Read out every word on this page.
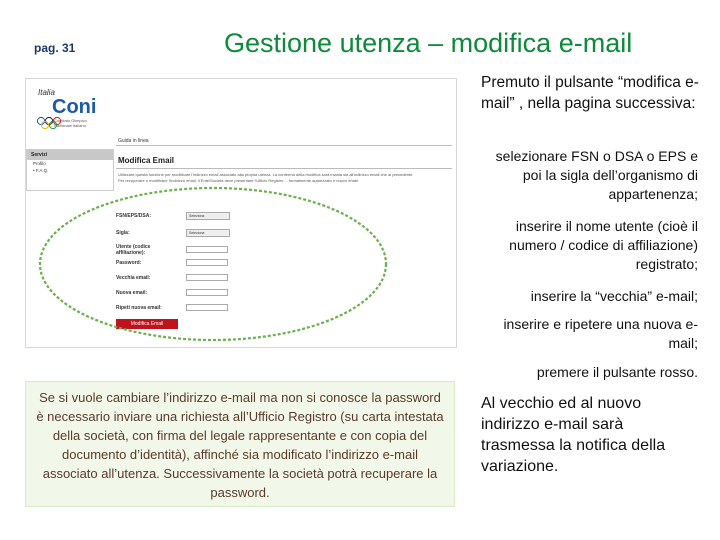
pag. 31	Gestione utenza – modifica e-mail
Italia
Coni
Comitato Olimpico Nazionale Italiano
Guida in linea
Servizi
Profilo
• F.A.Q.
Modifica Email
Utilizzare questa funzione per modificare l'indirizzo email associato alla propria utenza. La conferma della modifica sarà inviata sia all'indirizzo email che al precedente. Per recuperare o modificare l'indirizzo email, il Ente/Società deve presentare l'Ufficio Registro ... formalmente autorizzato e nuovo email.
FSN/EPS/DSA:	Seleziona
Sigla:	Seleziona
Utente (codice affiliazione):
Password:
Vecchia email:
Nuova email:
Ripeti nuova email:
Modifica Email
Premuto il pulsante “modifica e-mail” , nella pagina successiva:
selezionare FSN o DSA o EPS e poi la sigla dell’organismo di appartenenza;
inserire il nome utente (cioè il numero / codice di affiliazione) registrato;
inserire la “vecchia” e-mail;
inserire e ripetere una nuova e-mail;
premere il pulsante rosso.
Se si vuole cambiare l’indirizzo e-mail ma non si conosce la password è necessario inviare una richiesta all’Ufficio Registro (su carta intestata della società, con firma del legale rappresentante e con copia del documento d’identità), affinché sia modificato l’indirizzo e-mail associato all’utenza. Successivamente la società potrà recuperare la password.
Al vecchio ed al nuovo indirizzo e-mail sarà trasmessa la notifica della variazione.
